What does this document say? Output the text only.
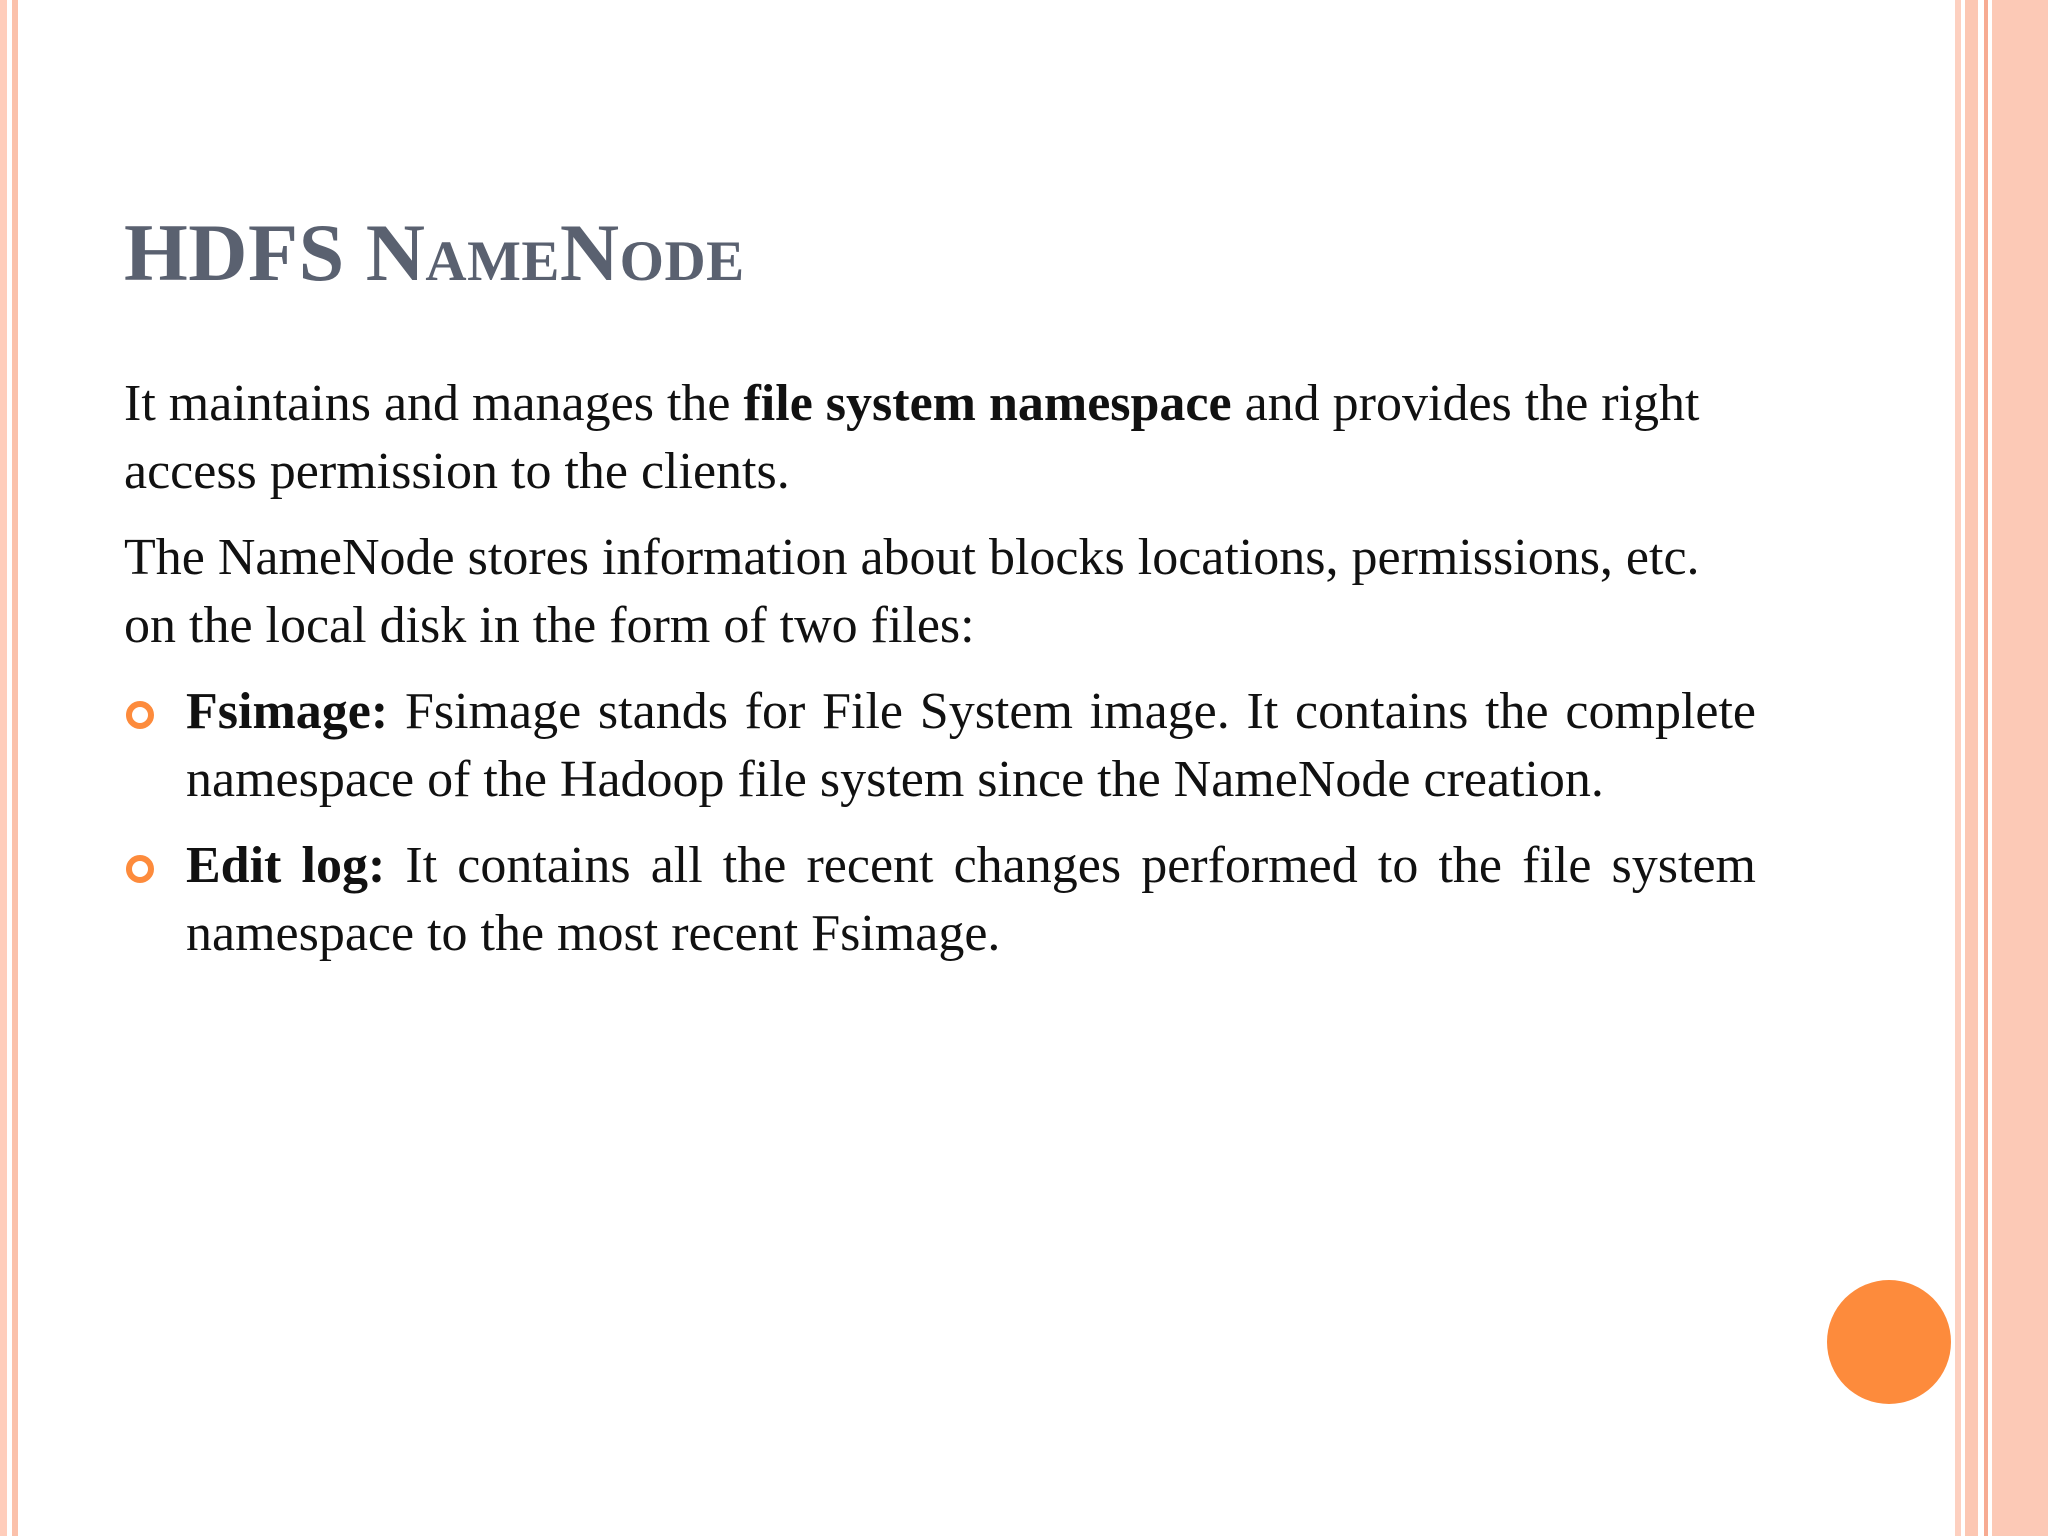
HDFS NameNode

It maintains and manages the file system namespace and provides the right access permission to the clients.

The NameNode stores information about blocks locations, permissions, etc. on the local disk in the form of two files:

Fsimage: Fsimage stands for File System image. It contains the complete namespace of the Hadoop file system since the NameNode creation.
Edit log: It contains all the recent changes performed to the file system namespace to the most recent Fsimage.
